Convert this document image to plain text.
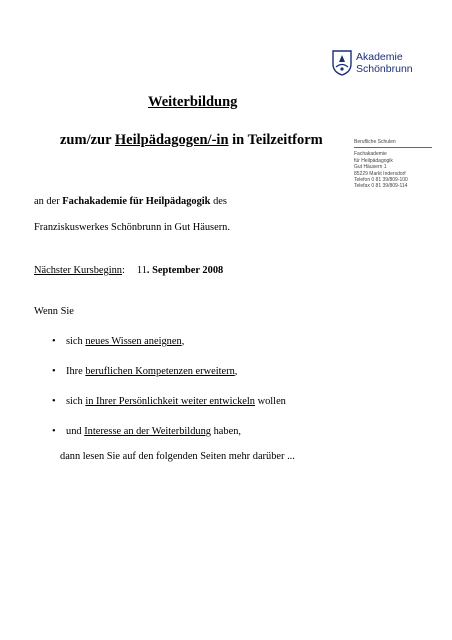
Akademie
Schönbrunn
Weiterbildung
zum/zur Heilpädagogen/-in in Teilzeitform	Berufliche Schulen
Fachakademie
für Heilpädagogik
Gut Häusern 1
85229 Markt Indersdorf
Telefon 0 81 39/809-100
Telefax 0 81 39/809-114
an der Fachakademie für Heilpädagogik des
Franziskuswerkes Schönbrunn in Gut Häusern.
Nächster Kursbeginn: 11. September 2008
Wenn Sie
• sich neues Wissen aneignen,
• Ihre beruflichen Kompetenzen erweitern,
• sich in Ihrer Persönlichkeit weiter entwickeln wollen
• und Interesse an der Weiterbildung haben,
dann lesen Sie auf den folgenden Seiten mehr darüber ...
